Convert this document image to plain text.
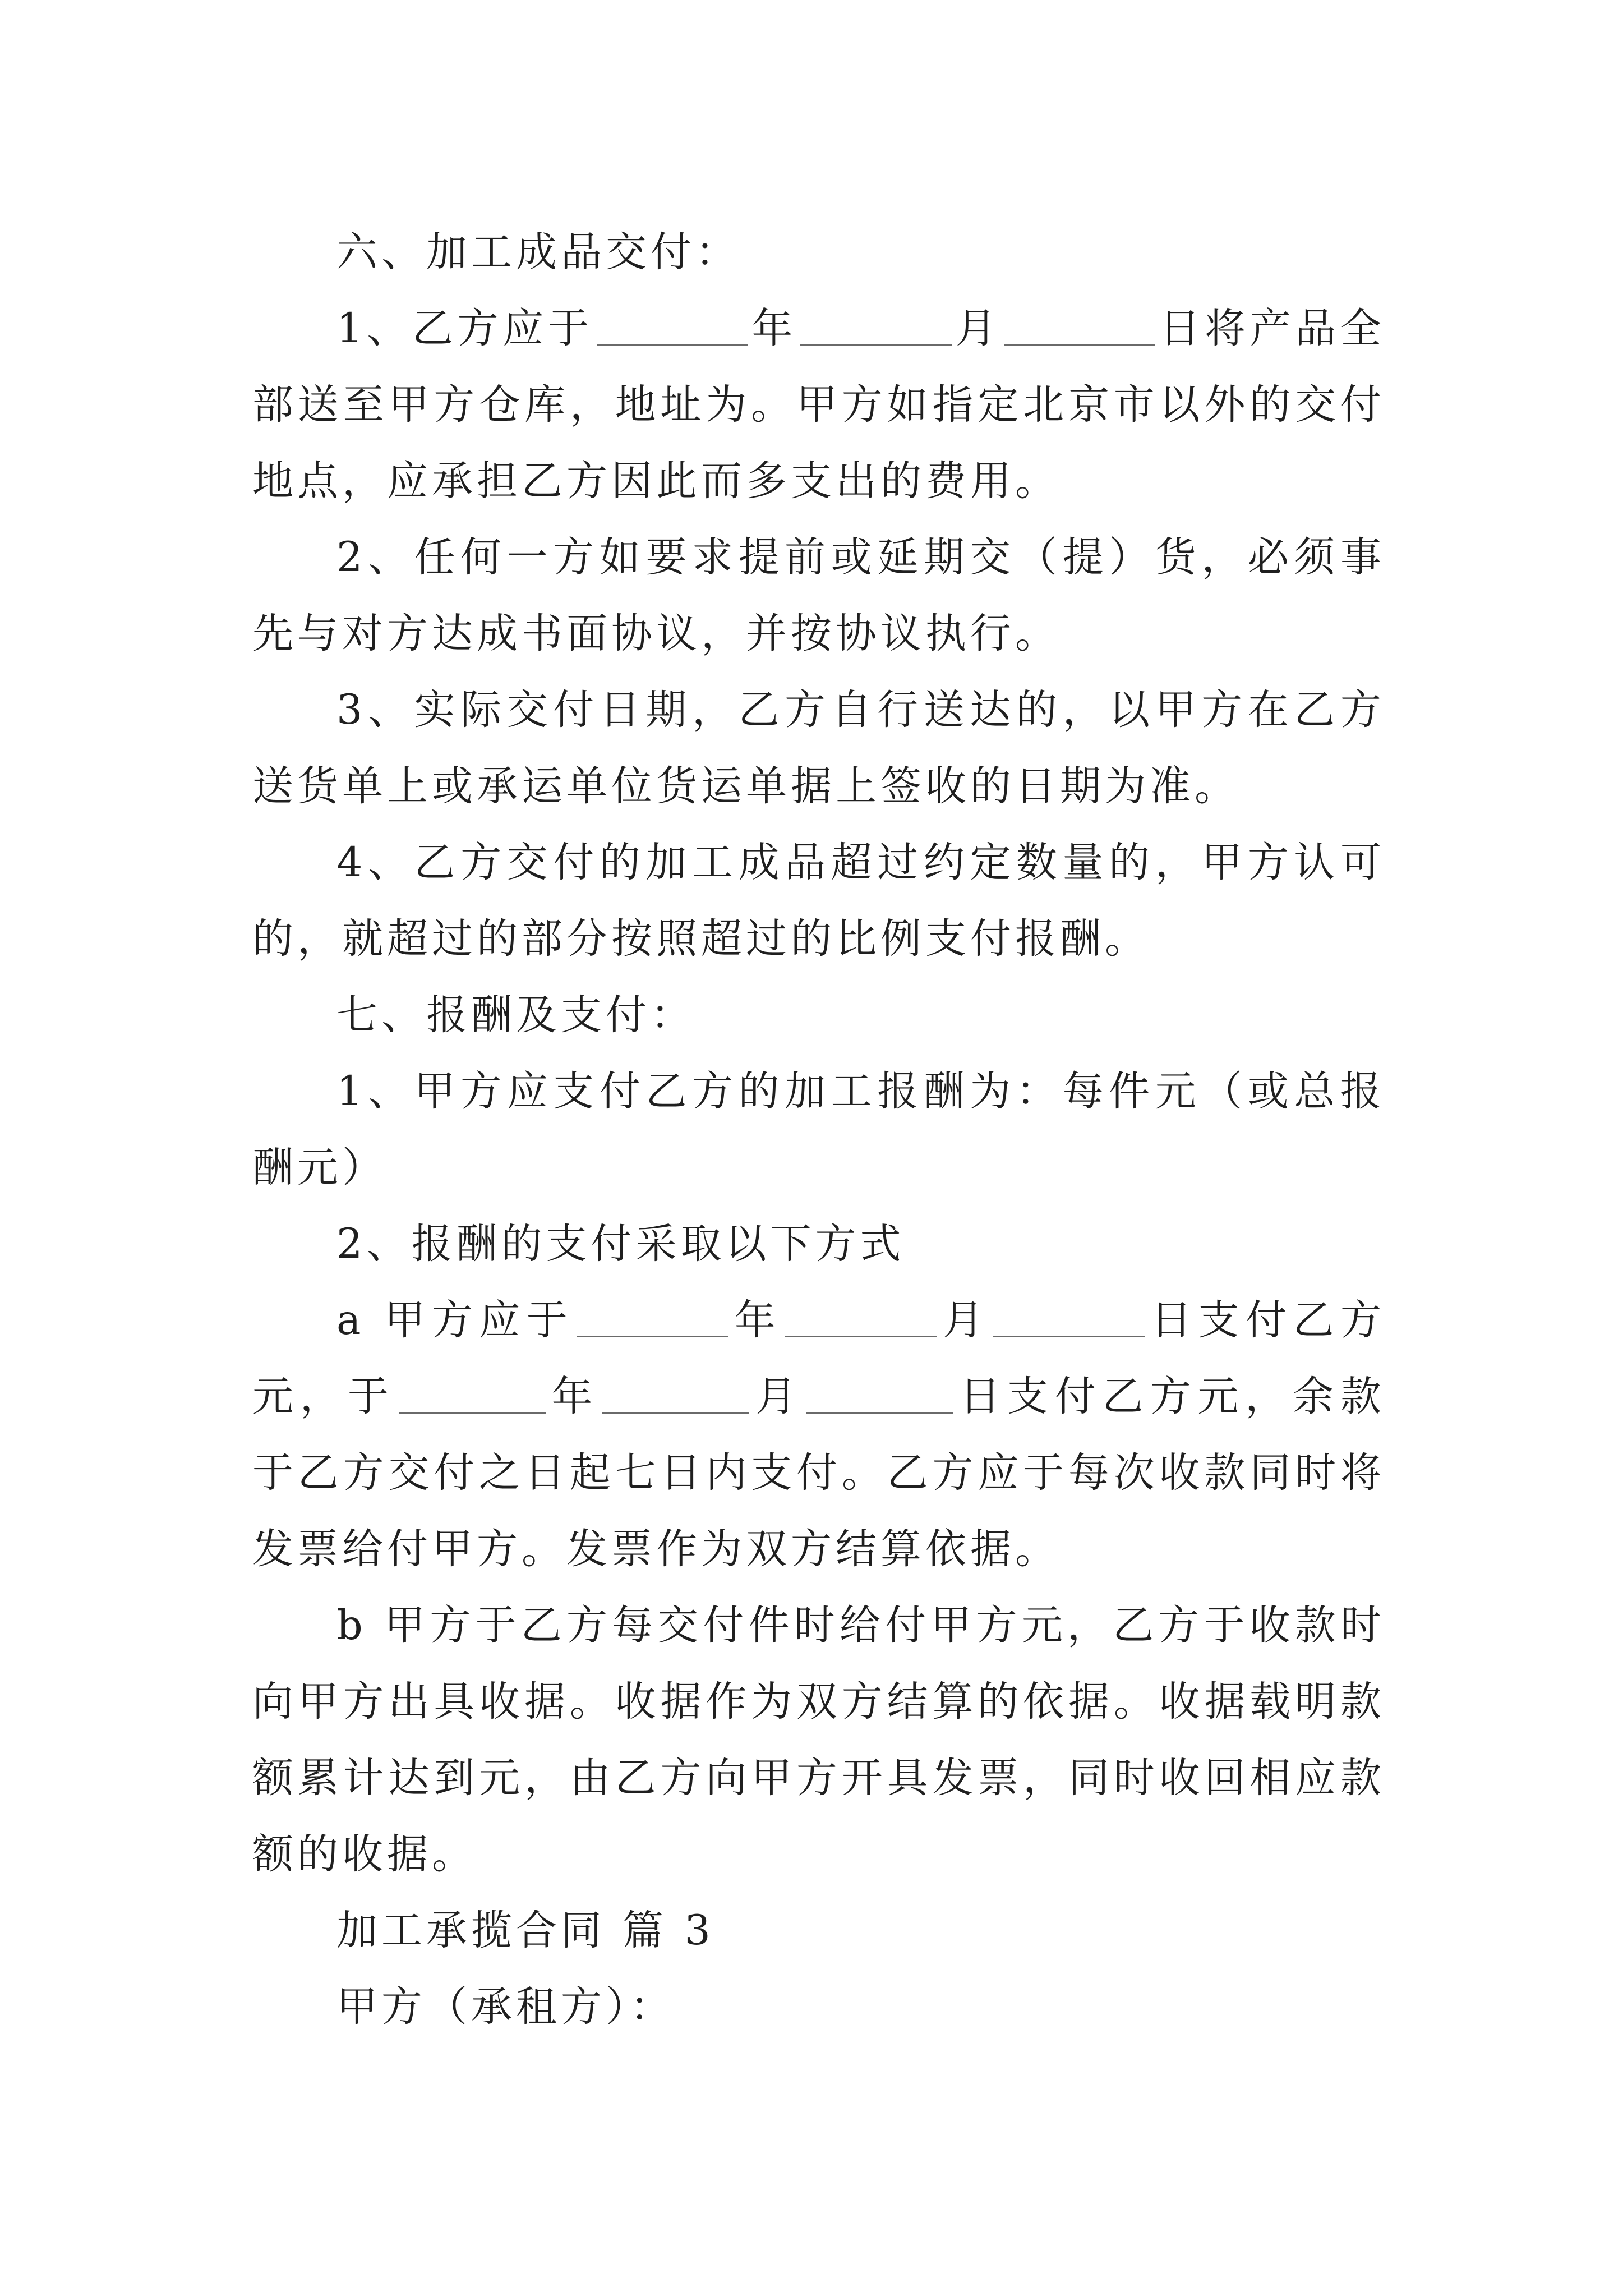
六、加工成品交付：

1、乙方应于	年	月	日将产品全部送至甲方仓库，地址为。甲方如指定北京市以外的交付地点，应承担乙方因此而多支出的费用。

2、任何一方如要求提前或延期交（提）货，必须事先与对方达成书面协议，并按协议执行。

3、实际交付日期，乙方自行送达的，以甲方在乙方送货单上或承运单位货运单据上签收的日期为准。

4、乙方交付的加工成品超过约定数量的，甲方认可的，就超过的部分按照超过的比例支付报酬。

七、报酬及支付：

1、甲方应支付乙方的加工报酬为：每件元（或总报酬元）

2、报酬的支付采取以下方式

a 甲方应于	年	月	日支付乙方元，于	年	月	日支付乙方元，余款于乙方交付之日起七日内支付。乙方应于每次收款同时将发票给付甲方。发票作为双方结算依据。

b 甲方于乙方每交付件时给付甲方元，乙方于收款时向甲方出具收据。收据作为双方结算的依据。收据载明款额累计达到元，由乙方向甲方开具发票，同时收回相应款额的收据。

加工承揽合同 篇 3

甲方（承租方）：
